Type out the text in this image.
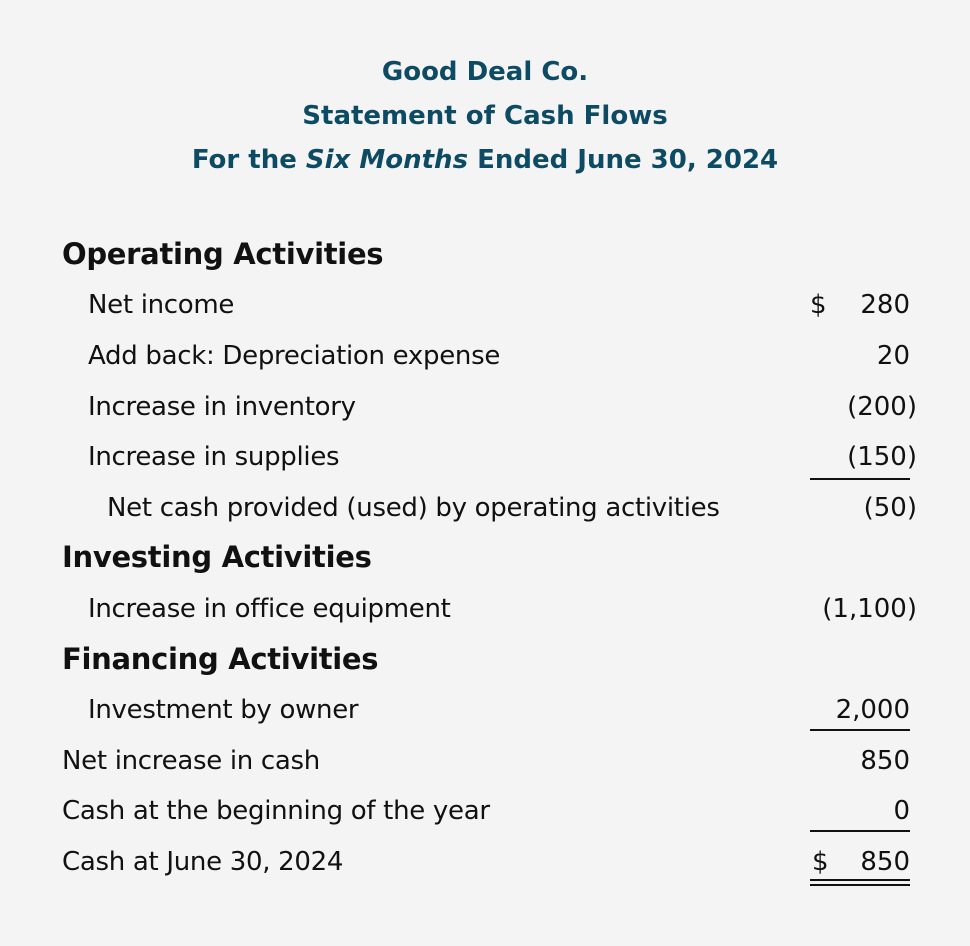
Good Deal Co.
Statement of Cash Flows
For the Six Months Ended June 30, 2024
Operating Activities
Net income	$ 280
Add back: Depreciation expense	20
Increase in inventory	(200)
Increase in supplies	(150)
Net cash provided (used) by operating activities	(50)
Investing Activities
Increase in office equipment	(1,100)
Financing Activities
Investment by owner	2,000
Net increase in cash	850
Cash at the beginning of the year	0
Cash at June 30, 2024	$ 850
